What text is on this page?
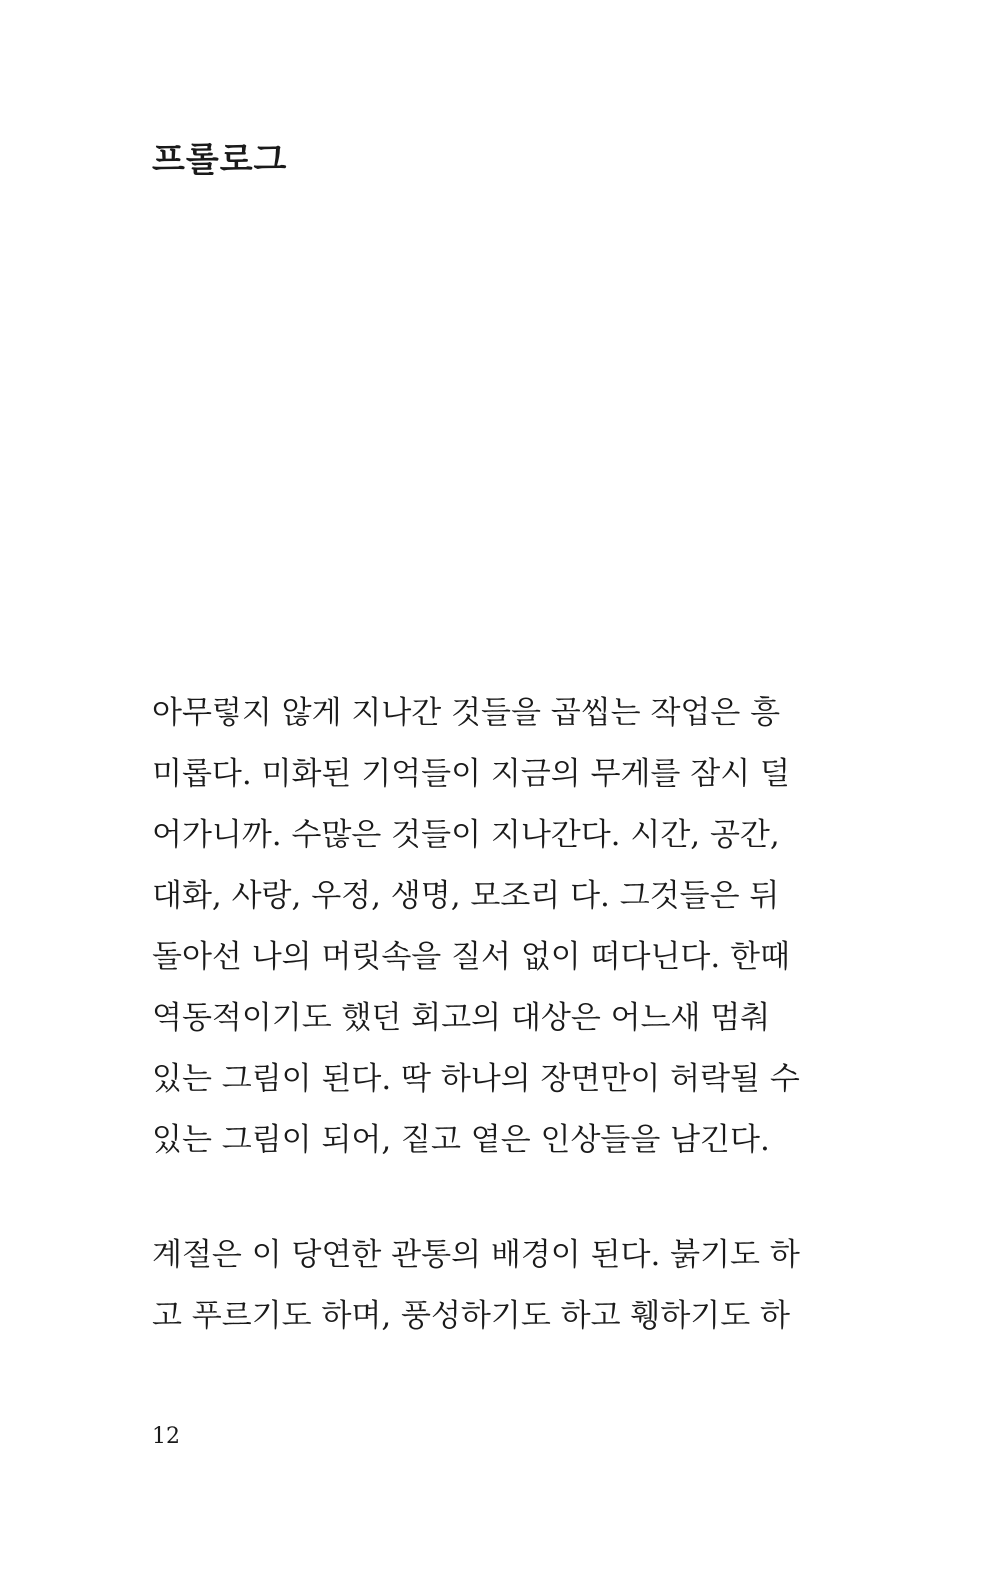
프롤로그
아무렇지 않게 지나간 것들을 곱씹는 작업은 흥
미롭다. 미화된 기억들이 지금의 무게를 잠시 덜
어가니까. 수많은 것들이 지나간다. 시간, 공간,
대화, 사랑, 우정, 생명, 모조리 다. 그것들은 뒤
돌아선 나의 머릿속을 질서 없이 떠다닌다. 한때
역동적이기도 했던 회고의 대상은 어느새 멈춰
있는 그림이 된다. 딱 하나의 장면만이 허락될 수
있는 그림이 되어, 짙고 옅은 인상들을 남긴다.
계절은 이 당연한 관통의 배경이 된다. 붉기도 하
고 푸르기도 하며, 풍성하기도 하고 휑하기도 하
12
